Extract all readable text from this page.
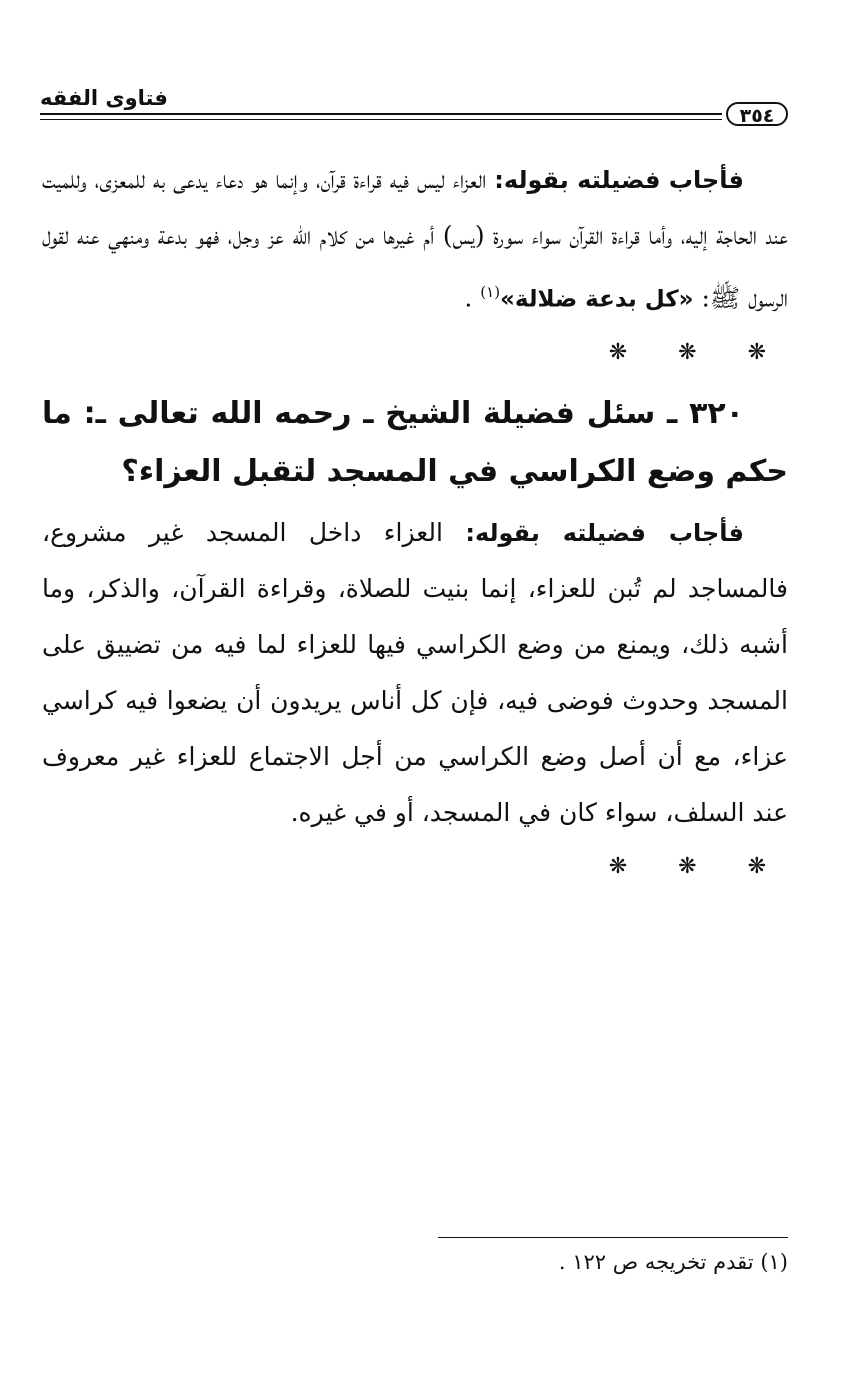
فتاوى الفقه
٣٥٤

فأجاب فضيلته بقوله: العزاء ليس فيه قراءة قرآن، وإنما هو دعاء يدعى به للمعزى، وللميت عند الحاجة إليه، وأما قراءة القرآن سواء سورة (يس) أم غيرها من كلام الله عز وجل، فهو بدعة ومنهي عنه لقول الرسول ﷺ: «كل بدعة ضلالة»$^{(١)}$ .

❋ ❋ ❋

٣٢٠ ـ سئل فضيلة الشيخ ـ رحمه الله تعالى ـ: ما حكم وضع الكراسي في المسجد لتقبل العزاء؟

فأجاب فضيلته بقوله: العزاء داخل المسجد غير مشروع، فالمساجد لم تُبن للعزاء، إنما بنيت للصلاة، وقراءة القرآن، والذكر، وما أشبه ذلك، ويمنع من وضع الكراسي فيها للعزاء لما فيه من تضييق على المسجد وحدوث فوضى فيه، فإن كل أناس يريدون أن يضعوا فيه كراسي عزاء، مع أن أصل وضع الكراسي من أجل الاجتماع للعزاء غير معروف عند السلف، سواء كان في المسجد، أو في غيره.

❋ ❋ ❋
(١) تقدم تخريجه ص ١٢٢ .
